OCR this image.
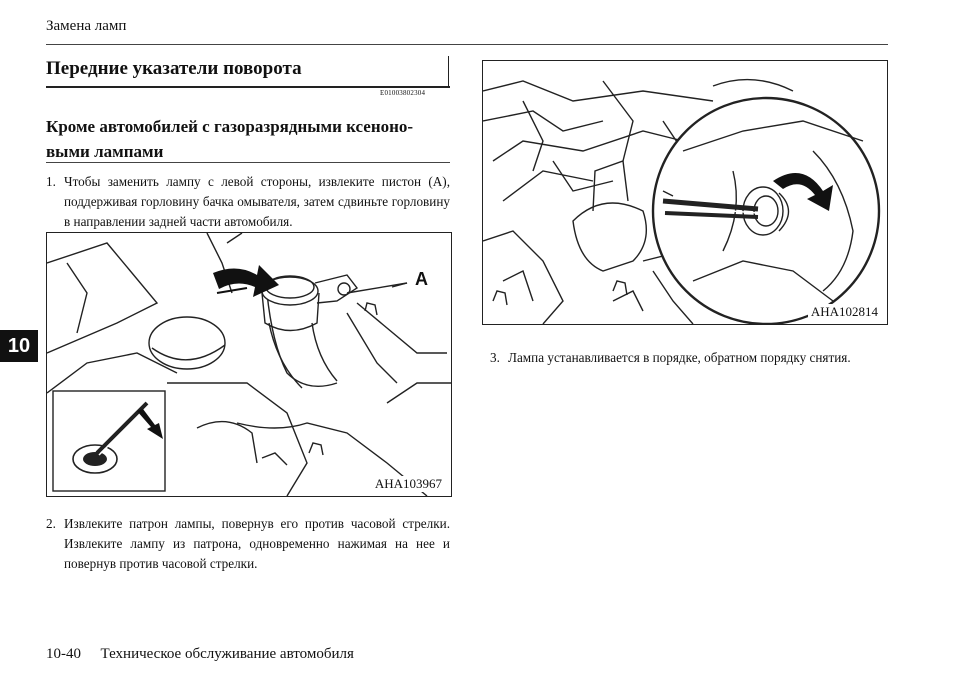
Замена ламп
10
Передние указатели поворота
E01003802304
Кроме автомобилей с газоразрядными ксеноно-выми лампами
1. Чтобы заменить лампу с левой стороны, извлеките пистон (A), поддерживая горловину бачка омывателя, затем сдвиньте горловину в направлении задней части автомобиля.
A
AHA103967
2. Извлеките патрон лампы, повернув его против часовой стрелки. Извлеките лампу из патрона, одновременно нажимая на нее и повернув против часовой стрелки.
AHA102814
3. Лампа устанавливается в порядке, обратном порядку снятия.
10-40 Техническое обслуживание автомобиля
